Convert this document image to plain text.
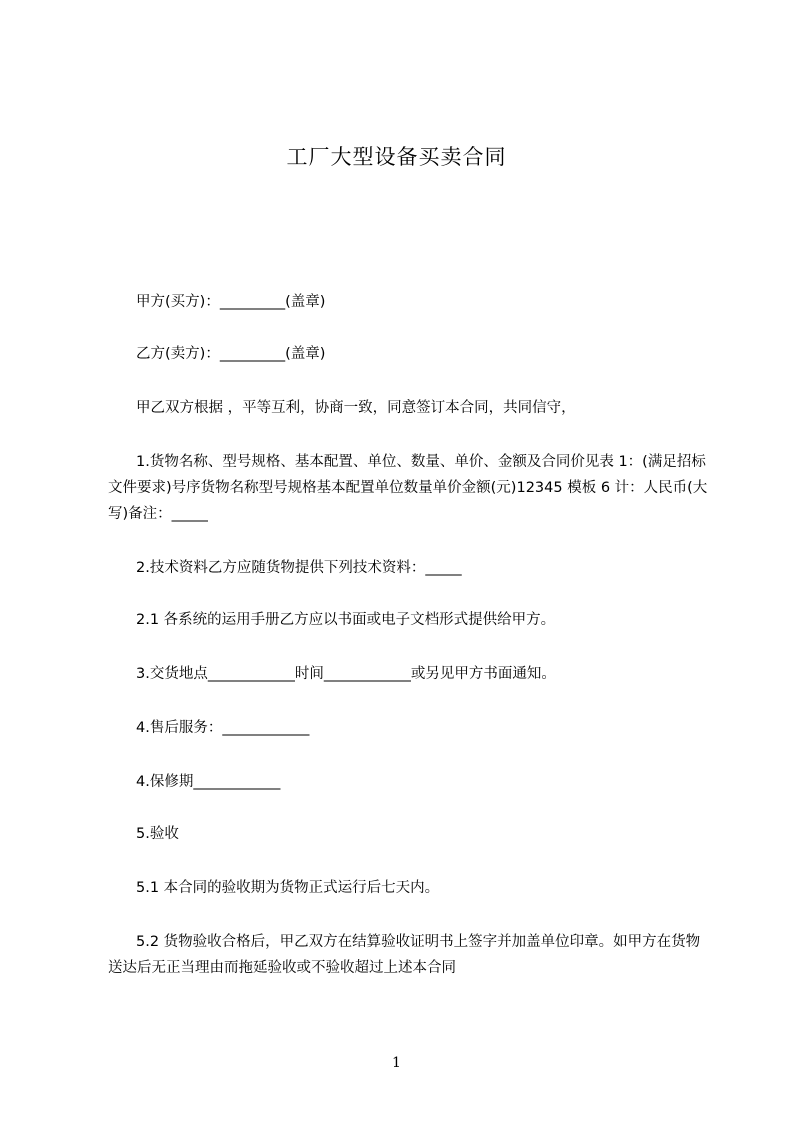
工厂大型设备买卖合同
甲方(买方)：_________(盖章)
乙方(卖方)：_________(盖章)
甲乙双方根据 ，平等互利，协商一致，同意签订本合同，共同信守，
1.货物名称、型号规格、基本配置、单位、数量、单价、金额及合同价见表 1：(满足招标文件要求)号序货物名称型号规格基本配置单位数量单价金额(元)12345 模板 6 计：人民币(大写)备注：_____
2.技术资料乙方应随货物提供下列技术资料：_____
2.1 各系统的运用手册乙方应以书面或电子文档形式提供给甲方。
3.交货地点____________时间____________或另见甲方书面通知。
4.售后服务：____________
4.保修期____________
5.验收
5.1 本合同的验收期为货物正式运行后七天内。
5.2 货物验收合格后，甲乙双方在结算验收证明书上签字并加盖单位印章。如甲方在货物送达后无正当理由而拖延验收或不验收超过上述本合同
1
